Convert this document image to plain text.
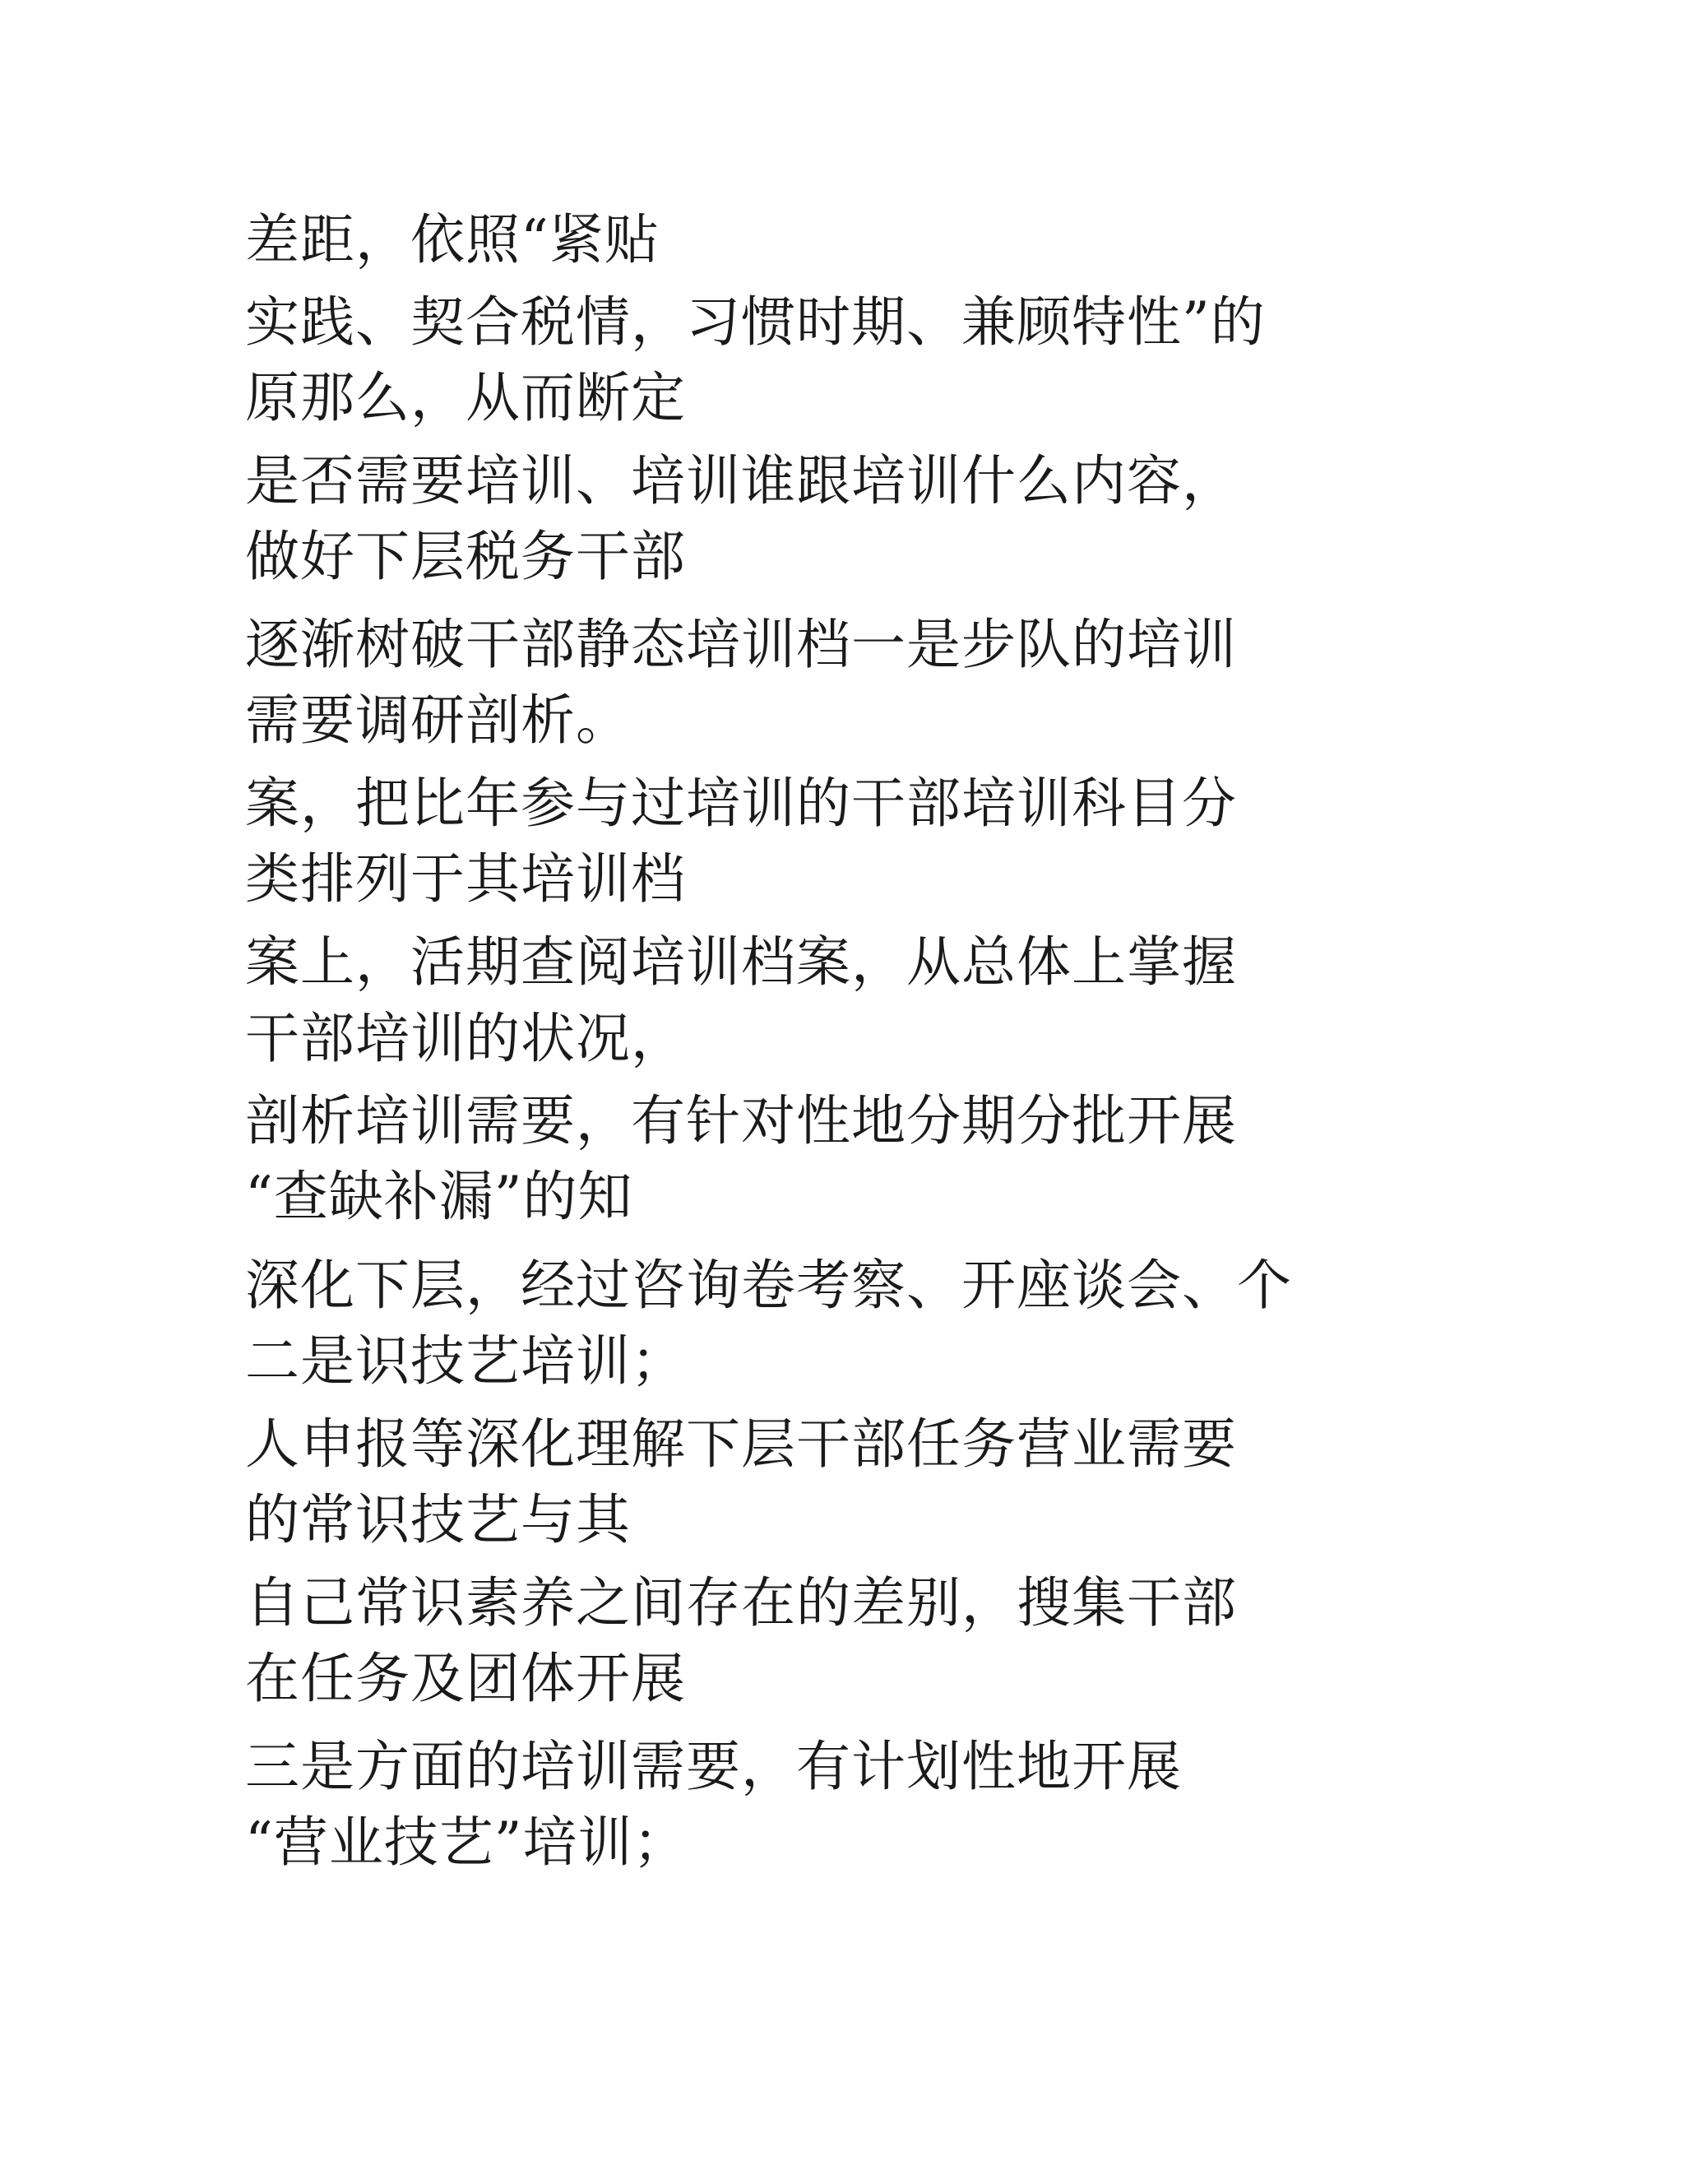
差距，依照“紧贴
实践、契合税情，习惯时期、兼顾特性”的
原那么，从而断定
是否需要培训、培训谁跟培训什么内容，
做好下层税务干部
逐渐树破干部静态培训档一是步队的培训
需要调研剖析。
案，把比年参与过培训的干部培训科目分
类排列于其培训档
案上，活期查阅培训档案，从总体上掌握
干部培训的状况，
剖析培训需要，有针对性地分期分批开展
“查缺补漏”的知
深化下层，经过咨询卷考察、开座谈会、个
二是识技艺培训；
人申报等深化理解下层干部任务营业需要
的常识技艺与其
自己常识素养之间存在的差别，搜集干部
在任务及团体开展
三是方面的培训需要，有计划性地开展
“营业技艺”培训；
